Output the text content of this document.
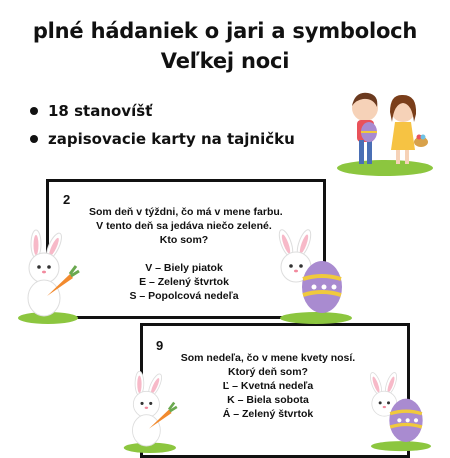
plné hádaniek o jari a symboloch
Veľkej noci
18 stanovíšť
zapisovacie karty na tajničku
2
Som deň v týždni, čo má v mene farbu.
V tento deň sa jedáva niečo zelené.
Kto som?
V – Biely piatok
E – Zelený štvrtok
S – Popolcová nedeľa
9
Som nedeľa, čo v mene kvety nosí.
Ktorý deň som?
Ľ – Kvetná nedeľa
K – Biela sobota
Á – Zelený štvrtok
